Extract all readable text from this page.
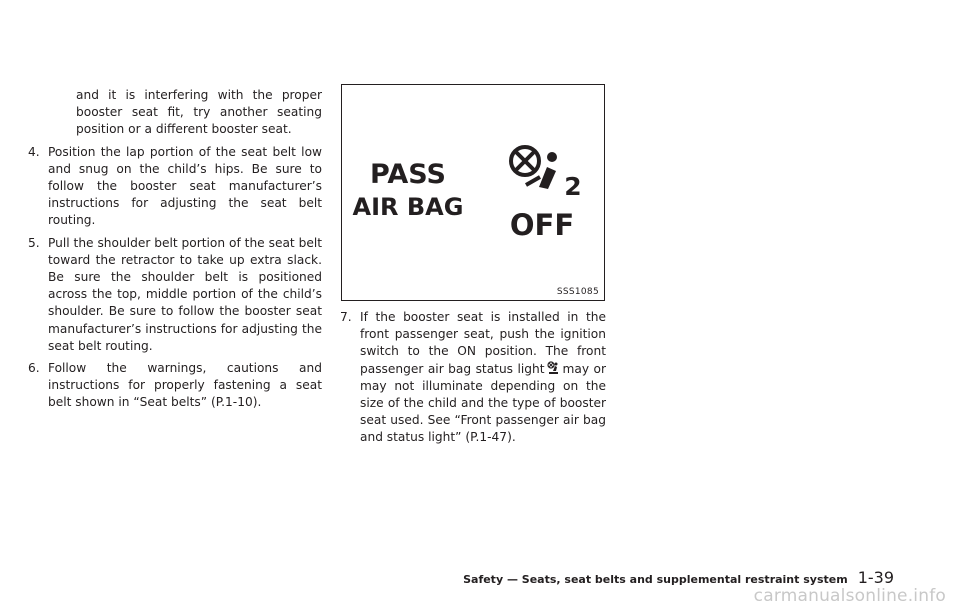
and it is interfering with the proper booster seat fit, try another seating position or a different booster seat.

4. Position the lap portion of the seat belt low and snug on the child’s hips. Be sure to follow the booster seat manufacturer’s instructions for adjusting the seat belt routing.
5. Pull the shoulder belt portion of the seat belt toward the retractor to take up extra slack. Be sure the shoulder belt is positioned across the top, middle portion of the child’s shoulder. Be sure to follow the booster seat manufacturer’s instructions for adjusting the seat belt routing.
6. Follow the warnings, cautions and instructions for properly fastening a seat belt shown in “Seat belts” (P.1-10).
PASS
AIR BAG
2
OFF
SSS1085
7. If the booster seat is installed in the front passenger seat, push the ignition switch to the ON position. The front passenger air bag status light may or may not illuminate depending on the size of the child and the type of booster seat used. See “Front passenger air bag and status light” (P.1-47).
Safety — Seats, seat belts and supplemental restraint system 1-39
carmanualsonline.info
